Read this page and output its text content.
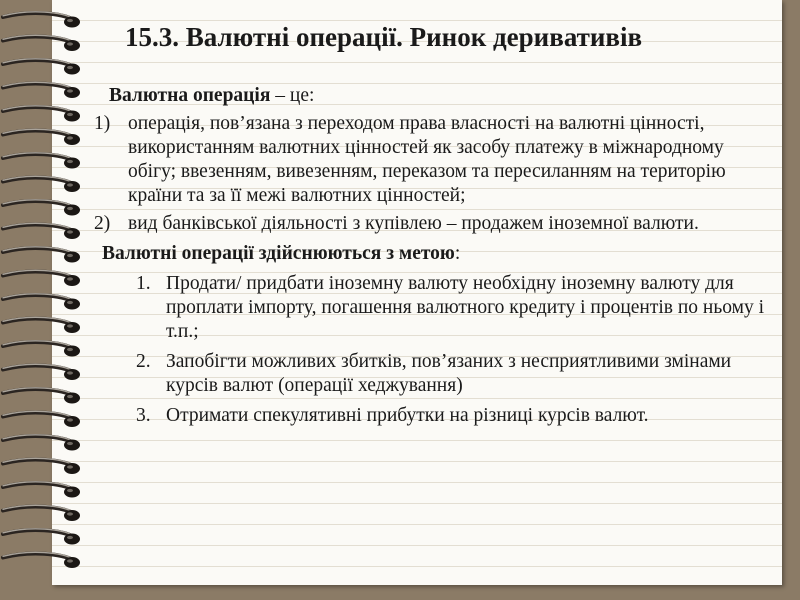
15.3. Валютні операції. Ринок деривативів

Валютна операція – це:

1) операція, пов’язана з переходом права власності на валютні цінності, використанням валютних цінностей як засобу платежу в міжнародному обігу; ввезенням, вивезенням, переказом та пересиланням на територію країни та за її межі валютних цінностей;
2) вид банківської діяльності з купівлею – продажем іноземної валюти.

Валютні операції здійснюються з метою:

1. Продати/ придбати іноземну валюту необхідну іноземну валюту для проплати імпорту, погашення валютного кредиту і процентів по ньому і т.п.;
2. Запобігти можливих збитків, пов’язаних з несприятливими змінами курсів валют (операції хеджування)
3. Отримати спекулятивні прибутки на різниці курсів валют.
